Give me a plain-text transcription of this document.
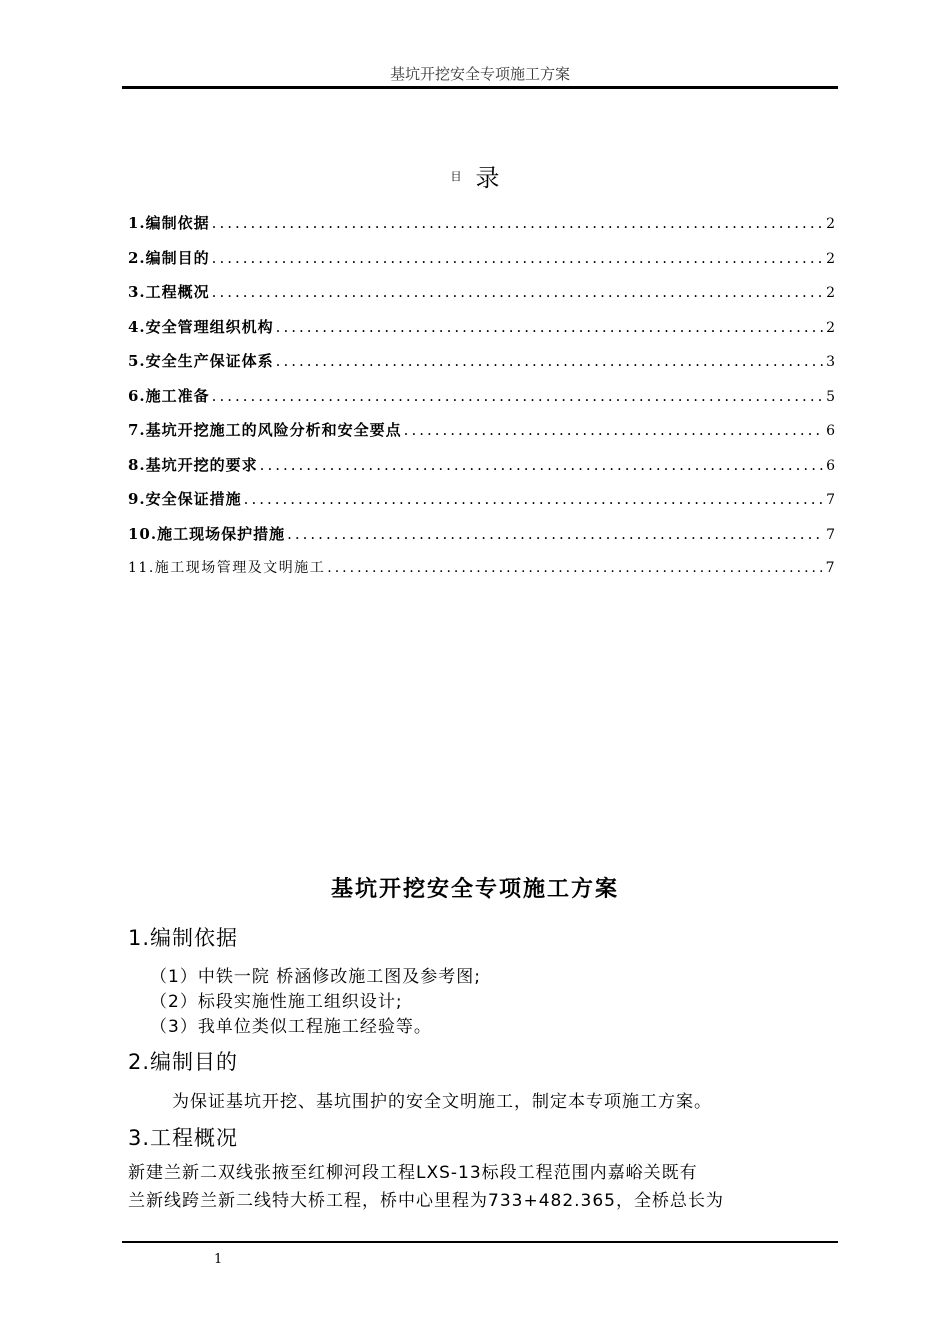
基坑开挖安全专项施工方案
目 录
1.编制依据 .....	2
2.编制目的 .....	2
3.工程概况 .....	2
4.安全管理组织机构 .....	2
5.安全生产保证体系 .....	3
6.施工准备 .....	5
7.基坑开挖施工的风险分析和安全要点 .....	6
8.基坑开挖的要求 .....	6
9.安全保证措施 .....	7
10.施工现场保护措施 .....	7
11.施工现场管理及文明施工 .....	7
基坑开挖安全专项施工方案
1.编制依据
（1）中铁一院 桥涵修改施工图及参考图;
（2）标段实施性施工组织设计;
（3）我单位类似工程施工经验等。
2.编制目的
为保证基坑开挖、基坑围护的安全文明施工，制定本专项施工方案。
3.工程概况
新建兰新二双线张掖至红柳河段工程LXS-13标段工程范围内嘉峪关既有
兰新线跨兰新二线特大桥工程，桥中心里程为733+482.365，全桥总长为
1
